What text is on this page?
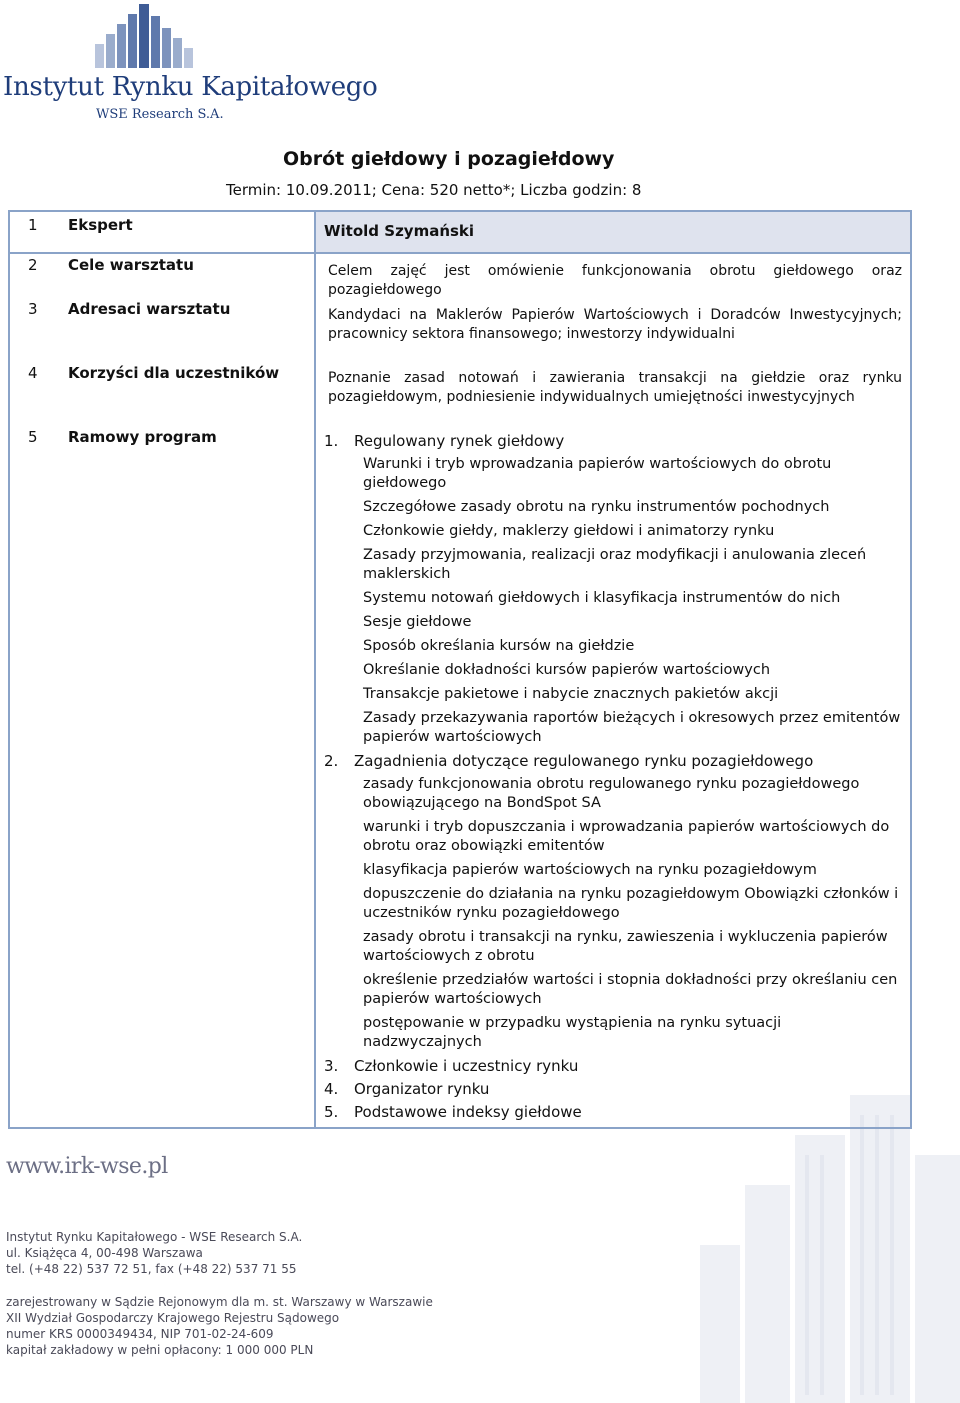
Instytut Rynku Kapitałowego
WSE Research S.A.
Obrót giełdowy i pozagiełdowy
Termin: 10.09.2011; Cena: 520 netto*; Liczba godzin: 8
1 Ekspert	Witold Szymański
2 Cele warsztatu	Celem zajęć jest omówienie funkcjonowania obrotu giełdowego oraz pozagiełdowego
3 Adresaci warsztatu	Kandydaci na Maklerów Papierów Wartościowych i Doradców Inwestycyjnych; pracownicy sektora finansowego; inwestorzy indywidualni
4 Korzyści dla uczestników	Poznanie zasad notowań i zawierania transakcji na giełdzie oraz rynku pozagiełdowym, podniesienie indywidualnych umiejętności inwestycyjnych
5 Ramowy program	1. Regulowany rynek giełdowy
Warunki i tryb wprowadzania papierów wartościowych do obrotu giełdowego
Szczegółowe zasady obrotu na rynku instrumentów pochodnych
Członkowie giełdy, maklerzy giełdowi i animatorzy rynku
Zasady przyjmowania, realizacji oraz modyfikacji i anulowania zleceń maklerskich
Systemu notowań giełdowych i klasyfikacja instrumentów do nich
Sesje giełdowe
Sposób określania kursów na giełdzie
Określanie dokładności kursów papierów wartościowych
Transakcje pakietowe i nabycie znacznych pakietów akcji
Zasady przekazywania raportów bieżących i okresowych przez emitentów papierów wartościowych
2. Zagadnienia dotyczące regulowanego rynku pozagiełdowego
zasady funkcjonowania obrotu regulowanego rynku pozagiełdowego obowiązującego na BondSpot SA
warunki i tryb dopuszczania i wprowadzania papierów wartościowych do obrotu oraz obowiązki emitentów
klasyfikacja papierów wartościowych na rynku pozagiełdowym
dopuszczenie do działania na rynku pozagiełdowym Obowiązki członków i uczestników rynku pozagiełdowego
zasady obrotu i transakcji na rynku, zawieszenia i wykluczenia papierów wartościowych z obrotu
określenie przedziałów wartości i stopnia dokładności przy określaniu cen papierów wartościowych
postępowanie w przypadku wystąpienia na rynku sytuacji nadzwyczajnych
3. Członkowie i uczestnicy rynku
4. Organizator rynku
5. Podstawowe indeksy giełdowe
www.irk-wse.pl
Instytut Rynku Kapitałowego - WSE Research S.A.
ul. Książęca 4, 00-498 Warszawa
tel. (+48 22) 537 72 51, fax (+48 22) 537 71 55
zarejestrowany w Sądzie Rejonowym dla m. st. Warszawy w Warszawie
XII Wydział Gospodarczy Krajowego Rejestru Sądowego
numer KRS 0000349434, NIP 701-02-24-609
kapitał zakładowy w pełni opłacony: 1 000 000 PLN
